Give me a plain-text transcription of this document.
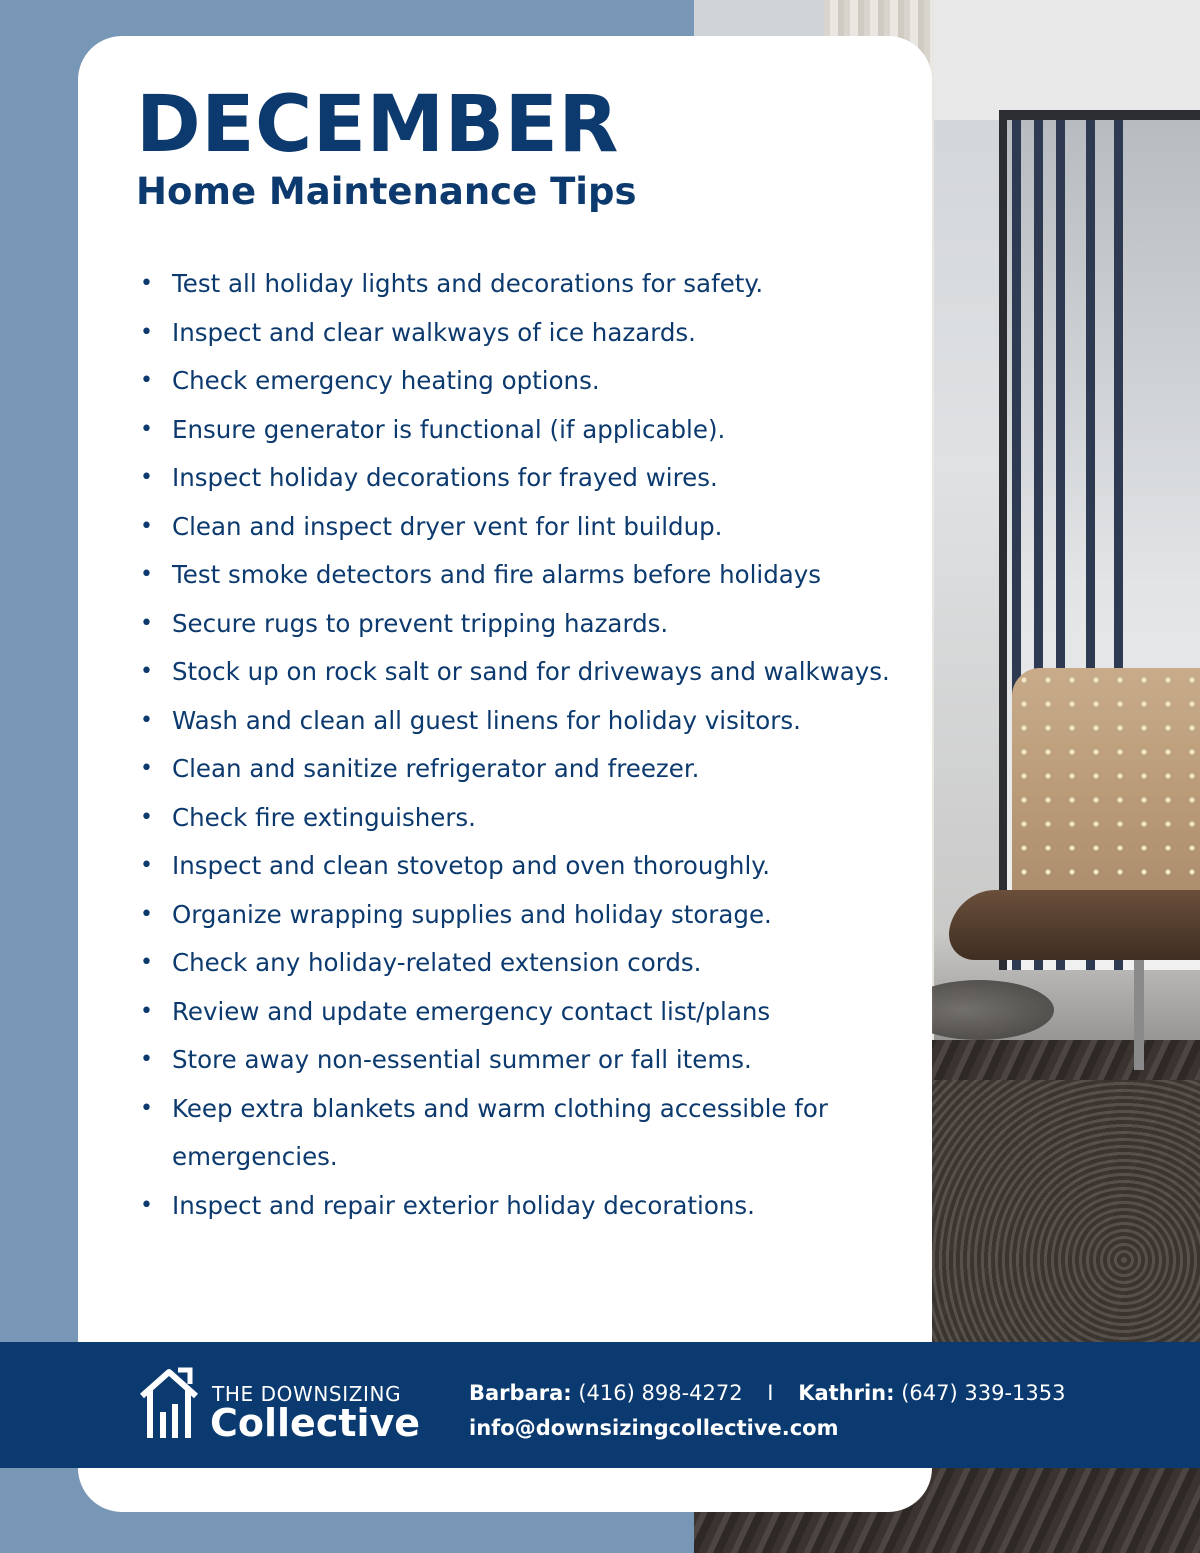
DECEMBER
Home Maintenance Tips
• Test all holiday lights and decorations for safety.
• Inspect and clear walkways of ice hazards.
• Check emergency heating options.
• Ensure generator is functional (if applicable).
• Inspect holiday decorations for frayed wires.
• Clean and inspect dryer vent for lint buildup.
• Test smoke detectors and fire alarms before holidays
• Secure rugs to prevent tripping hazards.
• Stock up on rock salt or sand for driveways and walkways.
• Wash and clean all guest linens for holiday visitors.
• Clean and sanitize refrigerator and freezer.
• Check fire extinguishers.
• Inspect and clean stovetop and oven thoroughly.
• Organize wrapping supplies and holiday storage.
• Check any holiday-related extension cords.
• Review and update emergency contact list/plans
• Store away non-essential summer or fall items.
• Keep extra blankets and warm clothing accessible for emergencies.
• Inspect and repair exterior holiday decorations.
THE DOWNSIZING
Collective
Barbara: (416) 898-4272 I Kathrin: (647) 339-1353
info@downsizingcollective.com
